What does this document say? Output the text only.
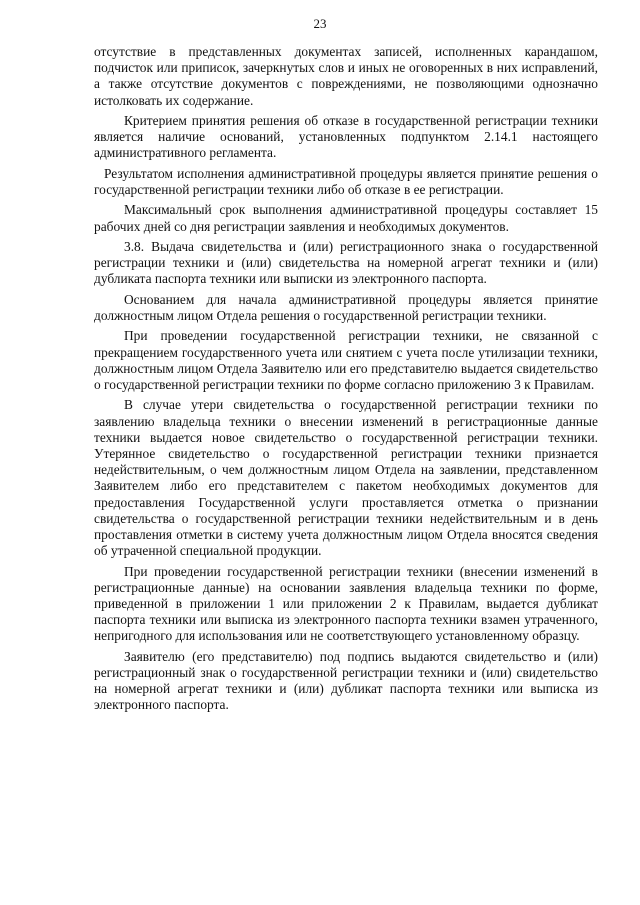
23

отсутствие в представленных документах записей, исполненных карандашом, подчисток или приписок, зачеркнутых слов и иных не оговоренных в них исправлений, а также отсутствие документов с повреждениями, не позволяющими однозначно истолковать их содержание.

Критерием принятия решения об отказе в государственной регистрации техники является наличие оснований, установленных подпунктом 2.14.1 настоящего административного регламента.

Результатом исполнения административной процедуры является принятие решения о государственной регистрации техники либо об отказе в ее регистрации.

Максимальный срок выполнения административной процедуры составляет 15 рабочих дней со дня регистрации заявления и необходимых документов.

3.8. Выдача свидетельства и (или) регистрационного знака о государственной регистрации техники и (или) свидетельства на номерной агрегат техники и (или) дубликата паспорта техники или выписки из электронного паспорта.

Основанием для начала административной процедуры является принятие должностным лицом Отдела решения о государственной регистрации техники.

При проведении государственной регистрации техники, не связанной с прекращением государственного учета или снятием с учета после утилизации техники, должностным лицом Отдела Заявителю или его представителю выдается свидетельство о государственной регистрации техники по форме согласно приложению 3 к Правилам.

В случае утери свидетельства о государственной регистрации техники по заявлению владельца техники о внесении изменений в регистрационные данные техники выдается новое свидетельство о государственной регистрации техники. Утерянное свидетельство о государственной регистрации техники признается недействительным, о чем должностным лицом Отдела на заявлении, представленном Заявителем либо его представителем с пакетом необходимых документов для предоставления Государственной услуги проставляется отметка о признании свидетельства о государственной регистрации техники недействительным и в день проставления отметки в систему учета должностным лицом Отдела вносятся сведения об утраченной специальной продукции.

При проведении государственной регистрации техники (внесении изменений в регистрационные данные) на основании заявления владельца техники по форме, приведенной в приложении 1 или приложении 2 к Правилам, выдается дубликат паспорта техники или выписка из электронного паспорта техники взамен утраченного, непригодного для использования или не соответствующего установленному образцу.

Заявителю (его представителю) под подпись выдаются свидетельство и (или) регистрационный знак о государственной регистрации техники и (или) свидетельство на номерной агрегат техники и (или) дубликат паспорта техники или выписка из электронного паспорта.
